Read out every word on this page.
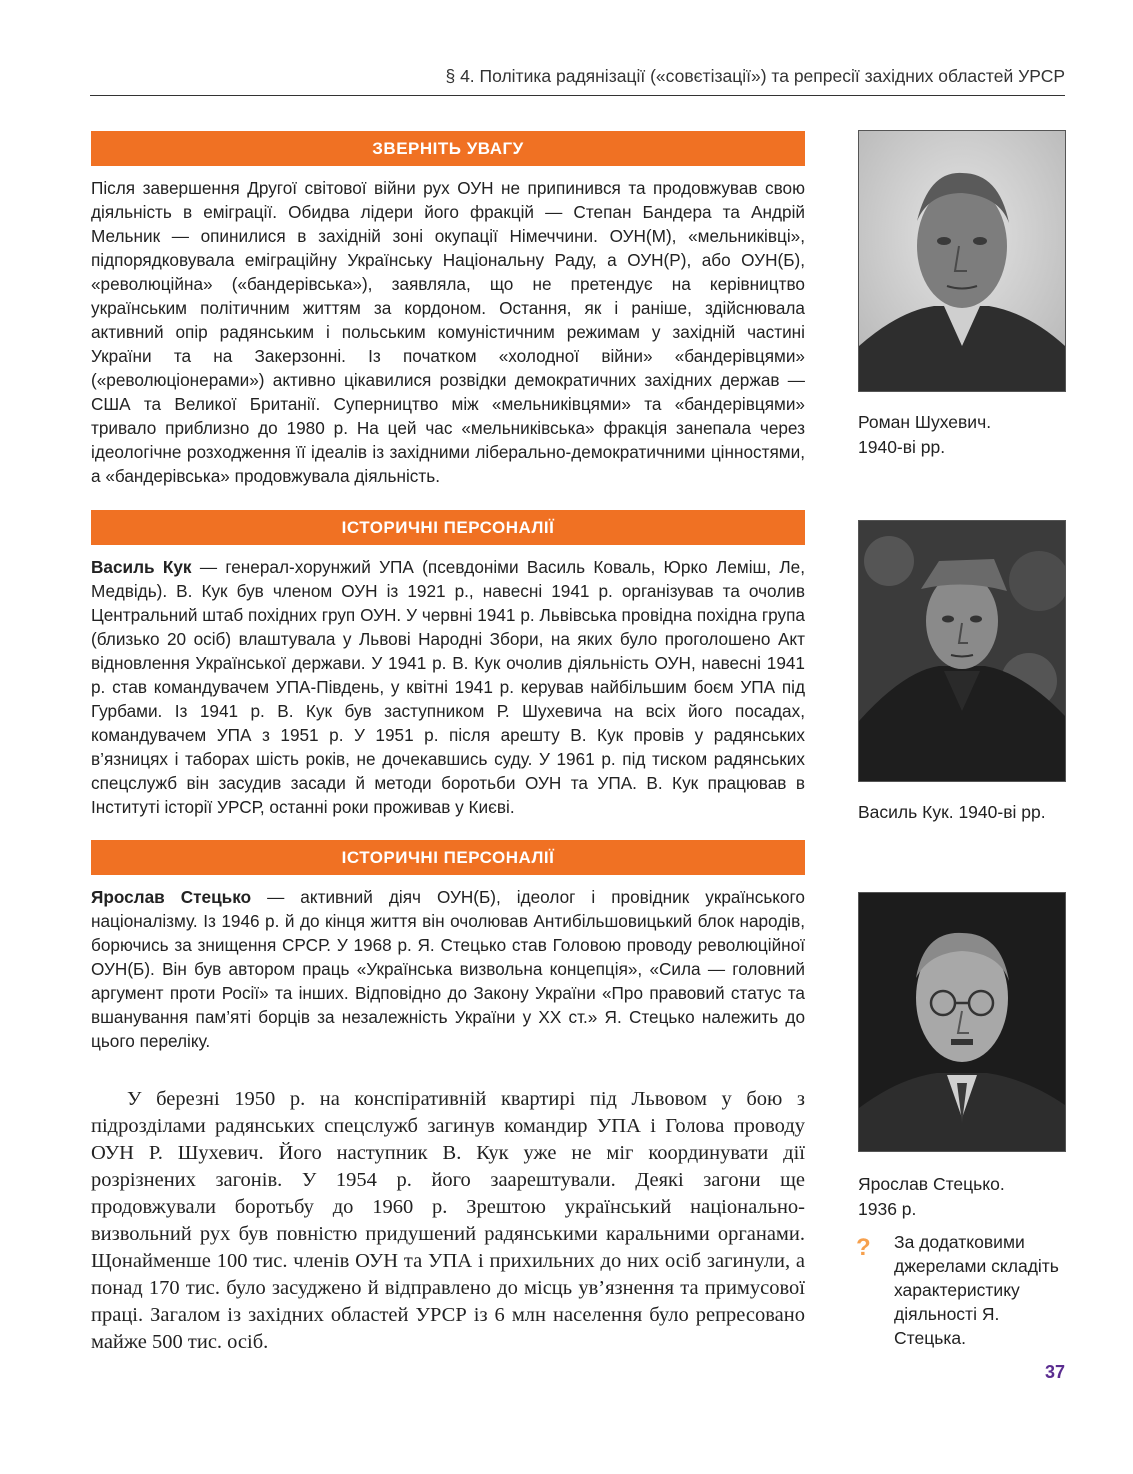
§ 4. Політика радянізації («совєтізації») та репресії західних областей УРСР
ЗВЕРНІТЬ УВАГУ
Після завершення Другої світової війни рух ОУН не припинився та продовжував свою діяльність в еміграції. Обидва лідери його фракцій — Степан Бандера та Андрій Мельник — опинилися в західній зоні окупації Німеччини. ОУН(М), «мельниківці», підпорядковувала еміграційну Українську Національну Раду, а ОУН(Р), або ОУН(Б), «революційна» («бандерівська»), заявляла, що не претендує на керівництво українським політичним життям за кордоном. Остання, як і раніше, здійснювала активний опір радянським і польським комуністичним режимам у західній частині України та на Закерзонні. Із початком «холодної війни» «бандерівцями» («революціонерами») активно цікавилися розвідки демократичних західних держав — США та Великої Британії. Суперництво між «мельниківцями» та «бандерівцями» тривало приблизно до 1980 р. На цей час «мельниківська» фракція занепала через ідеологічне розходження її ідеалів із західними ліберально-демократичними цінностями, а «бандерівська» продовжувала діяльність.
ІСТОРИЧНІ ПЕРСОНАЛІЇ
Василь Кук — генерал-хорунжий УПА (псевдоніми Василь Коваль, Юрко Леміш, Ле, Медвідь). В. Кук був членом ОУН із 1921 р., навесні 1941 р. організував та очолив Центральний штаб похідних груп ОУН. У червні 1941 р. Львівська провідна похідна група (близько 20 осіб) влаштувала у Львові Народні Збори, на яких було проголошено Акт відновлення Української держави. У 1941 р. В. Кук очолив діяльність ОУН, навесні 1941 р. став командувачем УПА-Південь, у квітні 1941 р. керував найбільшим боєм УПА під Гурбами. Із 1941 р. В. Кук був заступником Р. Шухевича на всіх його посадах, командувачем УПА з 1951 р. У 1951 р. після арешту В. Кук провів у радянських в’язницях і таборах шість років, не дочекавшись суду. У 1961 р. під тиском радянських спецслужб він засудив засади й методи боротьби ОУН та УПА. В. Кук працював в Інституті історії УРСР, останні роки проживав у Києві.
ІСТОРИЧНІ ПЕРСОНАЛІЇ
Ярослав Стецько — активний діяч ОУН(Б), ідеолог і провідник українського націоналізму. Із 1946 р. й до кінця життя він очолював Антибільшовицький блок народів, борючись за знищення СРСР. У 1968 р. Я. Стецько став Головою проводу революційної ОУН(Б). Він був автором праць «Українська визвольна концепція», «Сила — головний аргумент проти Росії» та інших. Відповідно до Закону України «Про правовий статус та вшанування пам’яті борців за незалежність України у ХХ ст.» Я. Стецько належить до цього переліку.
У березні 1950 р. на конспіративній квартирі під Львовом у бою з підрозділами радянських спецслужб загинув командир УПА і Голова проводу ОУН Р. Шухевич. Його наступник В. Кук уже не міг координувати дії розрізнених загонів. У 1954 р. його заарештували. Деякі загони ще продовжували боротьбу до 1960 р. Зрештою український національно-визвольний рух був повністю придушений радянськими каральними органами. Щонайменше 100 тис. членів ОУН та УПА і прихильних до них осіб загинули, а понад 170 тис. було засуджено й відправлено до місць ув’язнення та примусової праці. Загалом із західних областей УРСР із 6 млн населення було репресовано майже 500 тис. осіб.
Роман Шухевич.
1940-ві рр.
Василь Кук. 1940-ві рр.
Ярослав Стецько.
1936 р.
? За додатковими джерелами складіть характеристику діяльності Я. Стецька.
37
